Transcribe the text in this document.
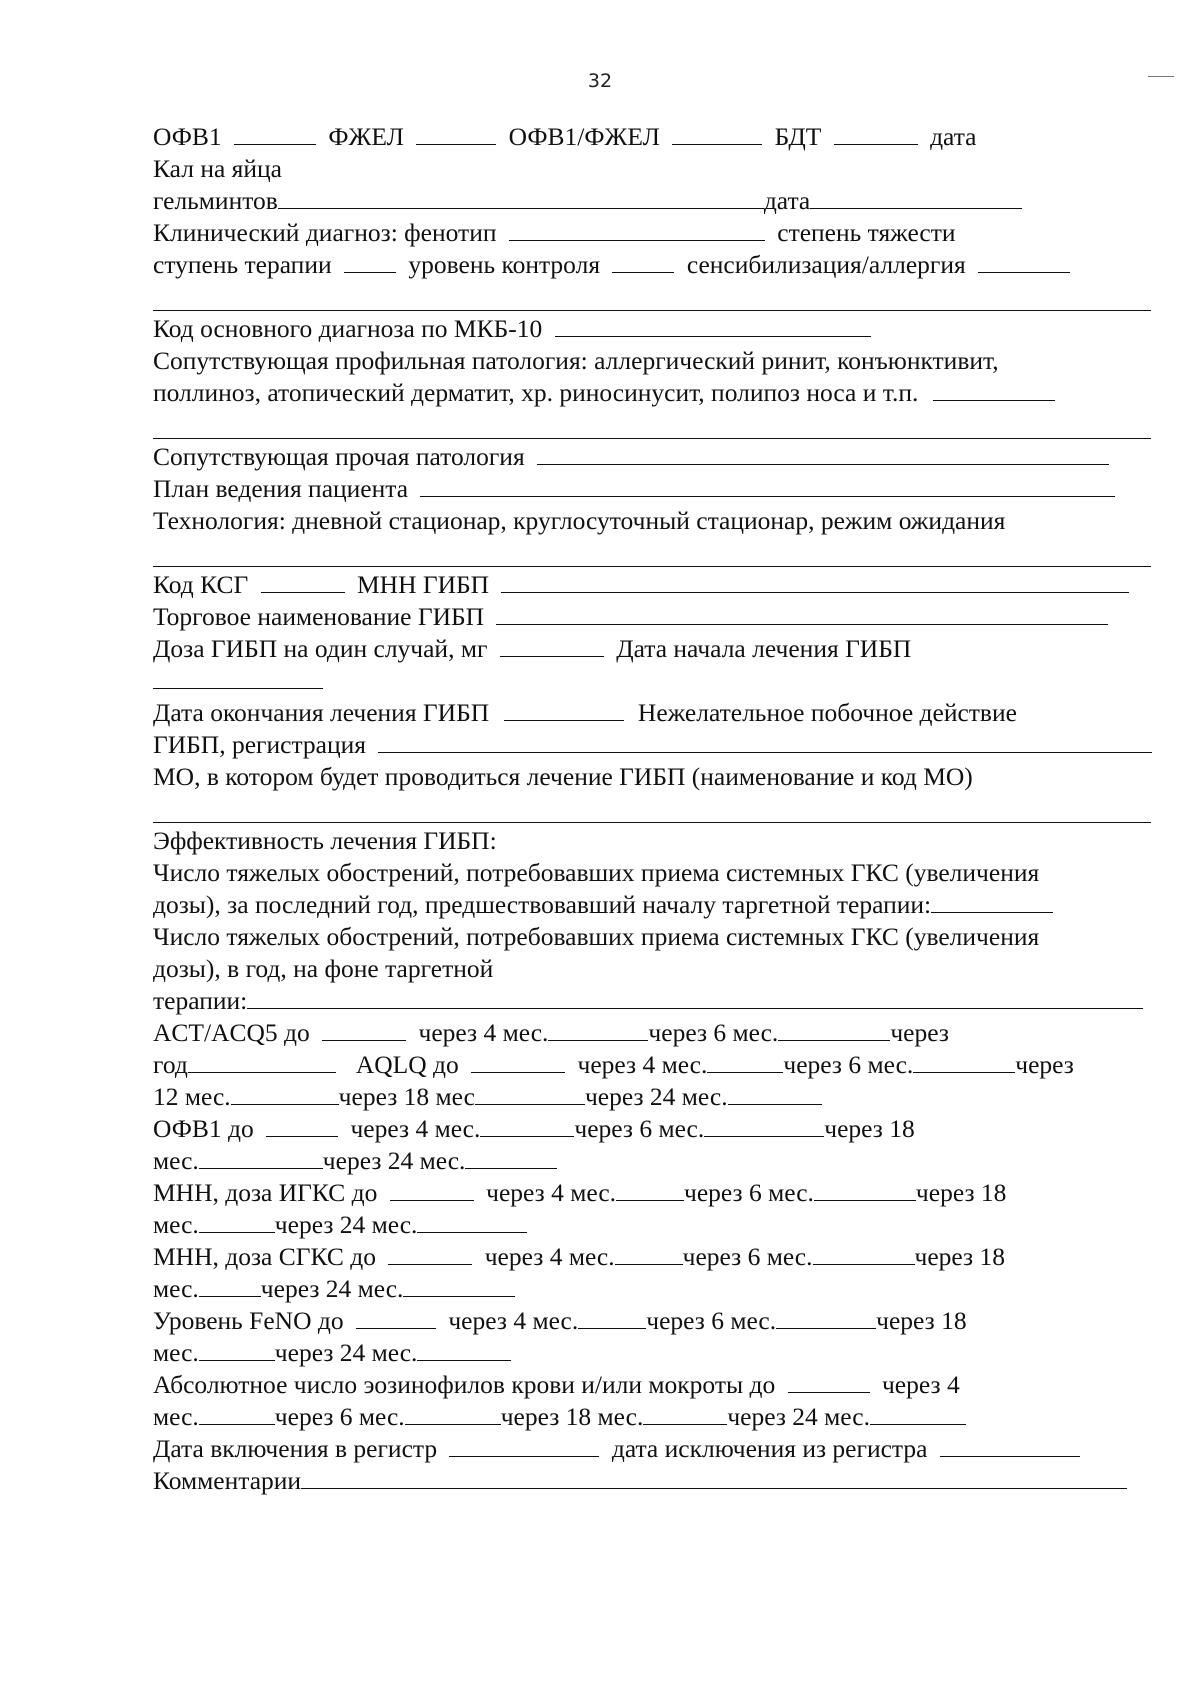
32
ОФВ1	ФЖЕЛ	ОФВ1/ФЖЕЛ	БДТ	дата
Кал на яйца
гельминтов	дата
Клинический диагноз: фенотип	степень тяжести
ступень терапии	уровень контроля	сенсибилизация/аллергия
Код основного диагноза по МКБ-10
Сопутствующая профильная патология: аллергический ринит, конъюнктивит,
поллиноз, атопический дерматит, хр. риносинусит, полипоз носа и т.п.
Сопутствующая прочая патология
План ведения пациента
Технология: дневной стационар, круглосуточный стационар, режим ожидания
Код КСГ	МНН ГИБП
Торговое наименование ГИБП
Доза ГИБП на один случай, мг	Дата начала лечения ГИБП
Дата окончания лечения ГИБП	Нежелательное побочное действие
ГИБП, регистрация
МО, в котором будет проводиться лечение ГИБП (наименование и код МО)
Эффективность лечения ГИБП:
Число тяжелых обострений, потребовавших приема системных ГКС (увеличения
дозы), за последний год, предшествовавший началу таргетной терапии:
Число тяжелых обострений, потребовавших приема системных ГКС (увеличения
дозы), в год, на фоне таргетной
терапии:
ACT/ACQ5 до	через 4 мес.	через 6 мес.	через
год	AQLQ до	через 4 мес.	через 6 мес.	через
12 мес.	через 18 мес	через 24 мес.
ОФВ1 до	через 4 мес.	через 6 мес.	через 18
мес.	через 24 мес.
МНН, доза ИГКС до	через 4 мес.	через 6 мес.	через 18
мес.	через 24 мес.
МНН, доза СГКС до	через 4 мес.	через 6 мес.	через 18
мес. через 24 мес.
Уровень FeNO до	через 4 мес.	через 6 мес.	через 18
мес.	через 24 мес.
Абсолютное число эозинофилов крови и/или мокроты до	через 4
мес.	через 6 мес.	через 18 мес.	через 24 мес.
Дата включения в регистр	дата исключения из регистра
Комментарии
